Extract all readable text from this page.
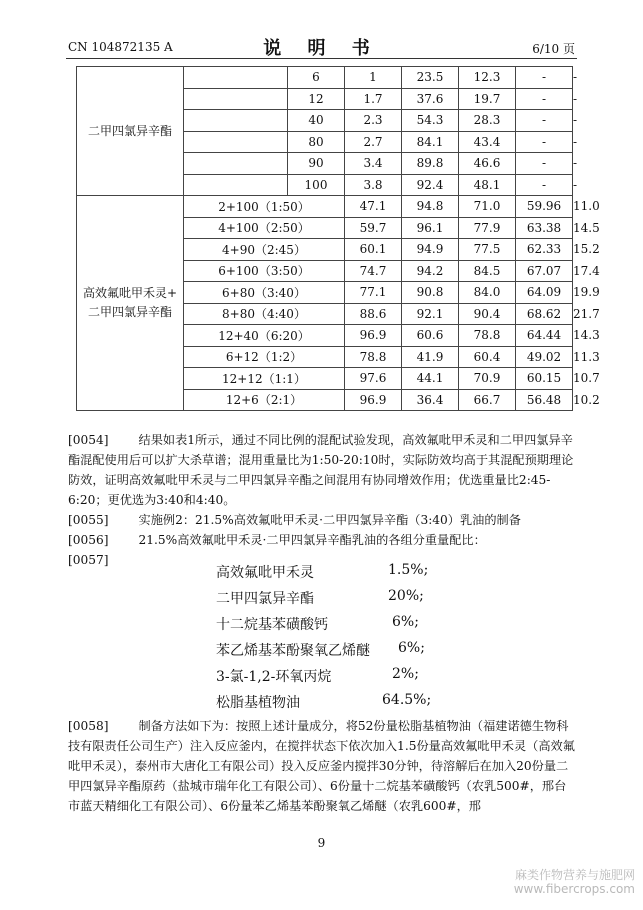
CN 104872135 A	说 明 书	6/10 页
二甲四氯异辛酯		6	1	23.5	12.3	-	-
		12	1.7	37.6	19.7	-	-
		40	2.3	54.3	28.3	-	-
		80	2.7	84.1	43.4	-	-
		90	3.4	89.8	46.6	-	-
		100	3.8	92.4	48.1	-	-

高效氟吡甲禾灵+
二甲四氯异辛酯	2+100（1:50）		47.1	94.8	71.0	59.96	11.0
	4+100（2:50）		59.7	96.1	77.9	63.38	14.5
	4+90（2:45）		60.1	94.9	77.5	62.33	15.2
	6+100（3:50）		74.7	94.2	84.5	67.07	17.4
	6+80（3:40）		77.1	90.8	84.0	64.09	19.9
	8+80（4:40）		88.6	92.1	90.4	68.62	21.7
	12+40（6:20）		96.9	60.6	78.8	64.44	14.3
	6+12（1:2）		78.8	41.9	60.4	49.02	11.3
	12+12（1:1）		97.6	44.1	70.9	60.15	10.7
	12+6（2:1）		96.9	36.4	66.7	56.48	10.2
[0054] 结果如表1所示，通过不同比例的混配试验发现，高效氟吡甲禾灵和二甲四氯异辛酯混配使用后可以扩大杀草谱；混用重量比为1:50-20:10时，实际防效均高于其混配预期理论防效，证明高效氟吡甲禾灵与二甲四氯异辛酯之间混用有协同增效作用；优选重量比2:45-6:20；更优选为3:40和4:40。
[0055] 实施例2：21.5%高效氟吡甲禾灵·二甲四氯异辛酯（3:40）乳油的制备
[0056] 21.5%高效氟吡甲禾灵·二甲四氯异辛酯乳油的各组分重量配比：
[0057]
高效氟吡甲禾灵	1.5%;
二甲四氯异辛酯	20%;
十二烷基苯磺酸钙	6%;
苯乙烯基苯酚聚氧乙烯醚 6%;
3-氯-1,2-环氧丙烷	2%;
松脂基植物油	64.5%;
[0058] 制备方法如下为：按照上述计量成分，将52份量松脂基植物油（福建诺德生物科技有限责任公司生产）注入反应釜内，在搅拌状态下依次加入1.5份量高效氟吡甲禾灵（高效氟吡甲禾灵），泰州市大唐化工有限公司）投入反应釜内搅拌30分钟，待溶解后在加入20份量二甲四氯异辛酯原药（盐城市瑞年化工有限公司）、6份量十二烷基苯磺酸钙（农乳500#，邢台市蓝天精细化工有限公司）、6份量苯乙烯基苯酚聚氧乙烯醚（农乳600#，邢
9
麻类作物营养与施肥网
www.fibercrops.com
